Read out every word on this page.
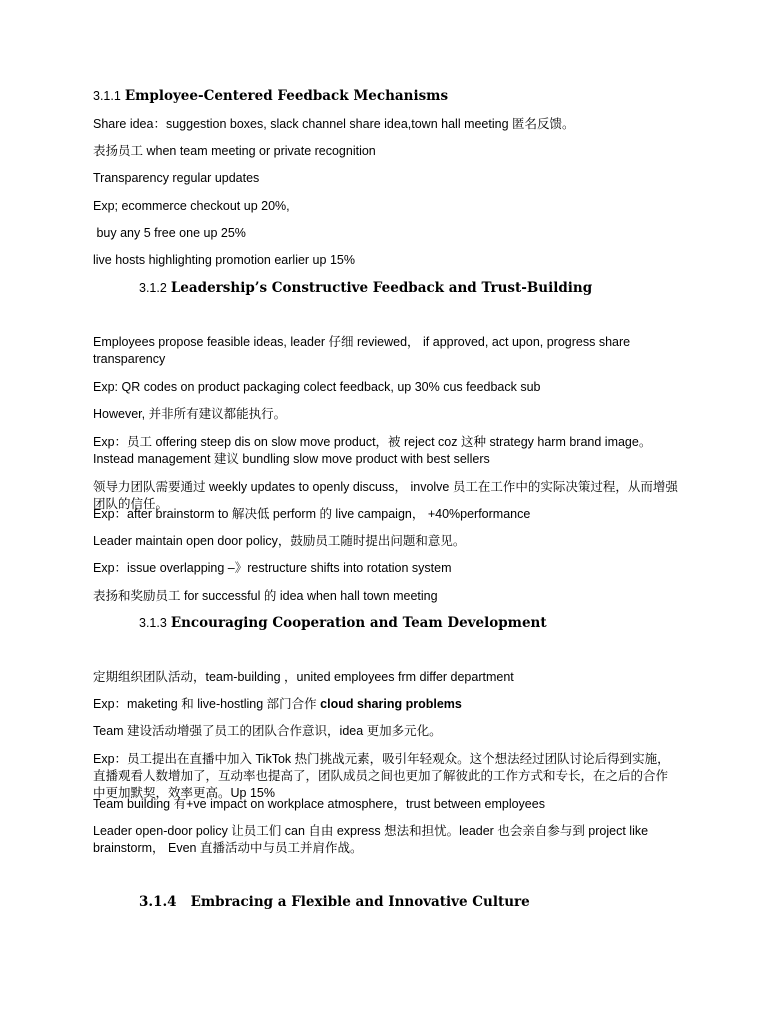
3.1.1 Employee-Centered Feedback Mechanisms
Share idea：suggestion boxes, slack channel share idea,town hall meeting 匿名反馈。
表扬员工 when team meeting or private recognition
Transparency regular updates
Exp; ecommerce checkout up 20%,
buy any 5 free one up 25%
live hosts highlighting promotion earlier up 15%
3.1.2 Leadership’s Constructive Feedback and Trust-Building
Employees propose feasible ideas, leader 仔细 reviewed， if approved, act upon, progress share transparency
Exp: QR codes on product packaging colect feedback, up 30% cus feedback sub
However, 并非所有建议都能执行。
Exp：员工 offering steep dis on slow move product，被 reject coz 这种 strategy harm brand image。 Instead management 建议 bundling slow move product with best sellers
领导力团队需要通过 weekly updates to openly discuss， involve 员工在工作中的实际决策过程，从而增强团队的信任。
Exp：after brainstorm to 解决低 perform 的 live campaign， +40%performance
Leader maintain open door policy，鼓励员工随时提出问题和意见。
Exp：issue overlapping –》restructure shifts into rotation system
表扬和奖励员工 for successful 的 idea when hall town meeting
3.1.3 Encouraging Cooperation and Team Development
定期组织团队活动，team-building ，united employees frm differ department
Exp：maketing 和 live-hostling 部门合作 cloud sharing problems
Team 建设活动增强了员工的团队合作意识，idea 更加多元化。
Exp：员工提出在直播中加入 TikTok 热门挑战元素，吸引年轻观众。这个想法经过团队讨论后得到实施，直播观看人数增加了，互动率也提高了，团队成员之间也更加了解彼此的工作方式和专长，在之后的合作中更加默契，效率更高。Up 15%
Team building 有+ve impact on workplace atmosphere，trust between employees
Leader open-door policy 让员工们 can 自由 express 想法和担忧。leader 也会亲自参与到 project like brainstorm， Even 直播活动中与员工并肩作战。
3.1.4 Embracing a Flexible and Innovative Culture
